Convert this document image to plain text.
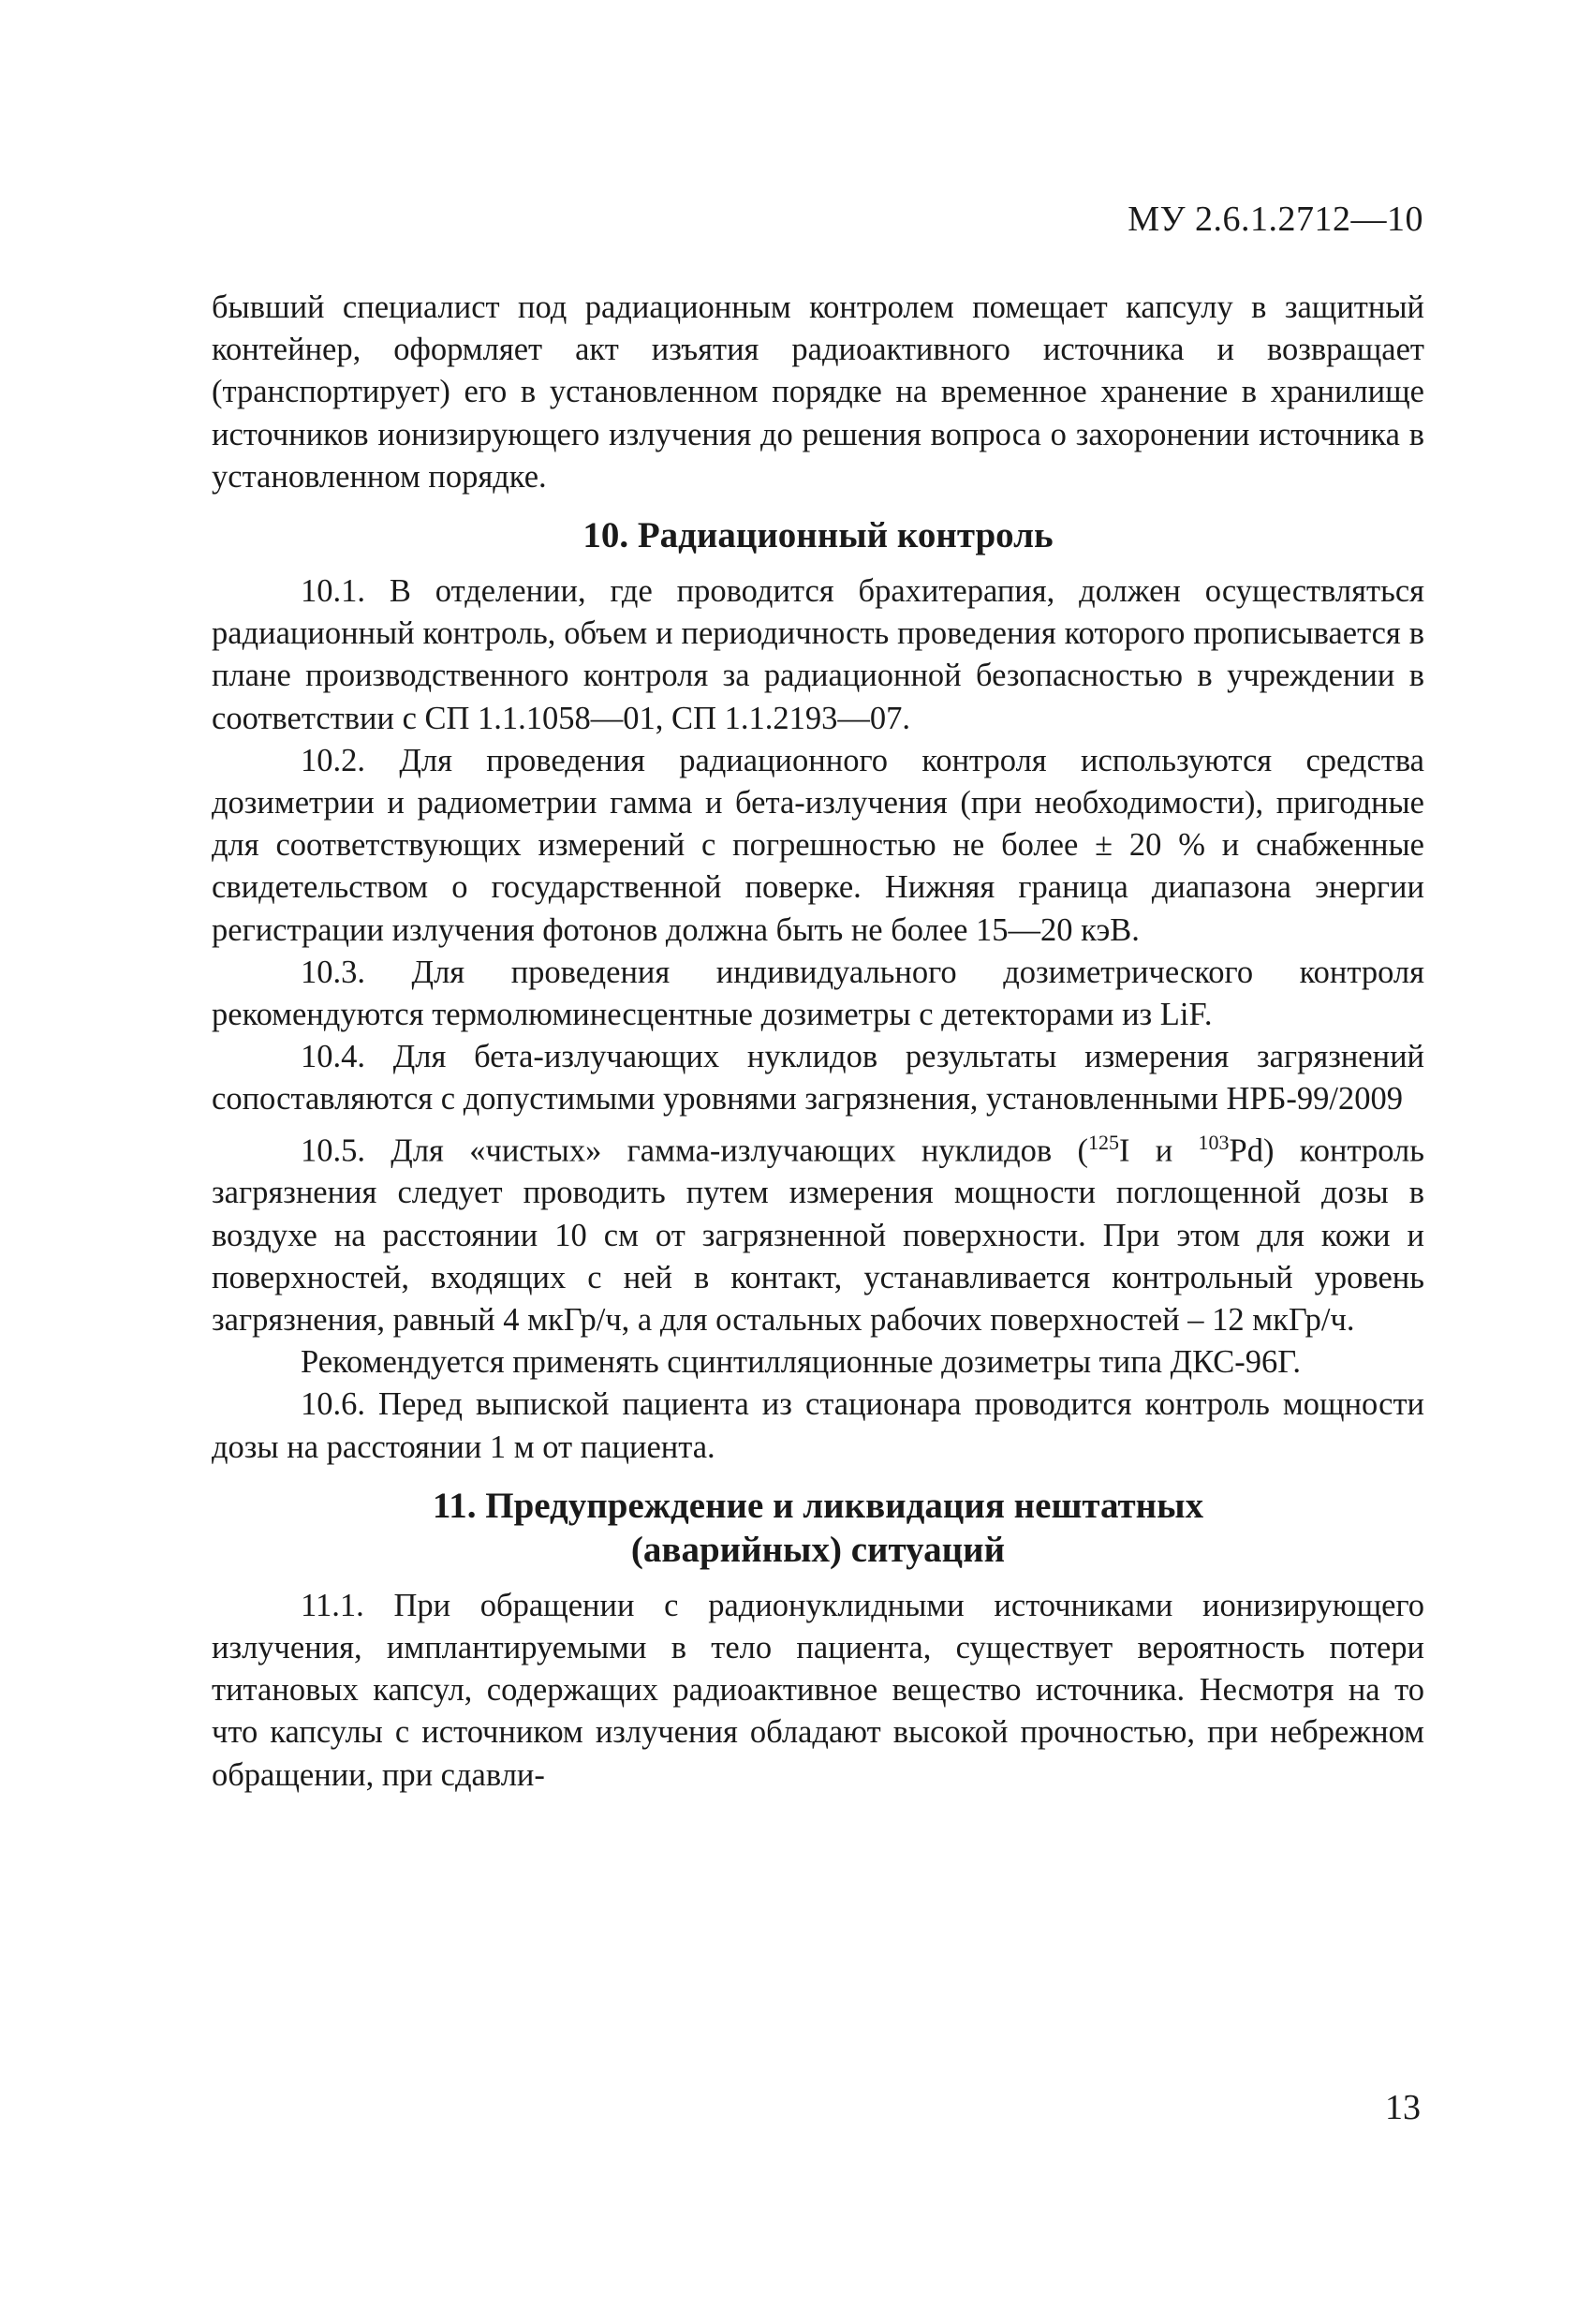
МУ 2.6.1.2712—10

бывший специалист под радиационным контролем помещает капсулу в защитный контейнер, оформляет акт изъятия радиоактивного источника и возвращает (транспортирует) его в установленном порядке на временное хранение в хранилище источников ионизирующего излучения до решения вопроса о захоронении источника в установленном порядке.

10. Радиационный контроль

10.1. В отделении, где проводится брахитерапия, должен осуществляться радиационный контроль, объем и периодичность проведения которого прописывается в плане производственного контроля за радиационной безопасностью в учреждении в соответствии с СП 1.1.1058—01, СП 1.1.2193—07.

10.2. Для проведения радиационного контроля используются средства дозиметрии и радиометрии гамма и бета-излучения (при необходимости), пригодные для соответствующих измерений с погрешностью не более ± 20 % и снабженные свидетельством о государственной поверке. Нижняя граница диапазона энергии регистрации излучения фотонов должна быть не более 15—20 кэВ.

10.3. Для проведения индивидуального дозиметрического контроля рекомендуются термолюминесцентные дозиметры с детекторами из LiF.

10.4. Для бета-излучающих нуклидов результаты измерения загрязнений сопоставляются с допустимыми уровнями загрязнения, установленными НРБ-99/2009

10.5. Для «чистых» гамма-излучающих нуклидов ($^{125}$I и $^{103}$Pd) контроль загрязнения следует проводить путем измерения мощности поглощенной дозы в воздухе на расстоянии 10 см от загрязненной поверхности. При этом для кожи и поверхностей, входящих с ней в контакт, устанавливается контрольный уровень загрязнения, равный 4 мкГр/ч, а для остальных рабочих поверхностей – 12 мкГр/ч.

Рекомендуется применять сцинтилляционные дозиметры типа ДКС-96Г.

10.6. Перед выпиской пациента из стационара проводится контроль мощности дозы на расстоянии 1 м от пациента.

11. Предупреждение и ликвидация нештатных
(аварийных) ситуаций

11.1. При обращении с радионуклидными источниками ионизирующего излучения, имплантируемыми в тело пациента, существует вероятность потери титановых капсул, содержащих радиоактивное вещество источника. Несмотря на то что капсулы с источником излучения обладают высокой прочностью, при небрежном обращении, при сдавли-

13
